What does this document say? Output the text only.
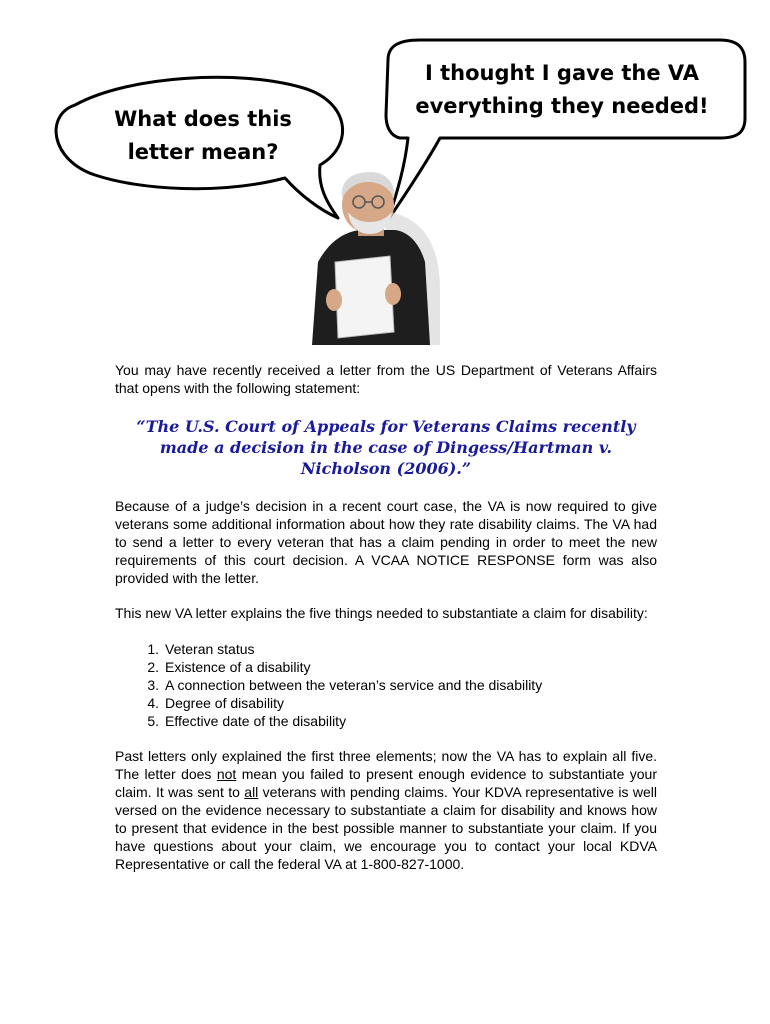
What does this
letter mean?
I thought I gave the VA
everything they needed!

You may have recently received a letter from the US Department of Veterans Affairs that opens with the following statement:

“The U.S. Court of Appeals for Veterans Claims recently
made a decision in the case of Dingess/Hartman v.
Nicholson (2006).”

Because of a judge’s decision in a recent court case, the VA is now required to give veterans some additional information about how they rate disability claims. The VA had to send a letter to every veteran that has a claim pending in order to meet the new requirements of this court decision. A VCAA NOTICE RESPONSE form was also provided with the letter.

This new VA letter explains the five things needed to substantiate a claim for disability:

1. Veteran status
2. Existence of a disability
3. A connection between the veteran’s service and the disability
4. Degree of disability
5. Effective date of the disability

Past letters only explained the first three elements; now the VA has to explain all five. The letter does not mean you failed to present enough evidence to substantiate your claim. It was sent to all veterans with pending claims. Your KDVA representative is well versed on the evidence necessary to substantiate a claim for disability and knows how to present that evidence in the best possible manner to substantiate your claim. If you have questions about your claim, we encourage you to contact your local KDVA Representative or call the federal VA at 1-800-827-1000.
